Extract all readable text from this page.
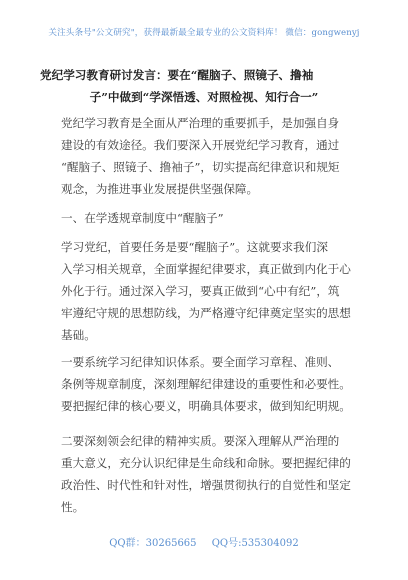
关注头条号"公文研究"，获得最新最全最专业的公文资料库！ 微信：gongwenyj
党纪学习教育研讨发言：要在“醒脑子、照镜子、撸袖
子”中做到“学深悟透、对照检视、知行合一”

党纪学习教育是全面从严治理的重要抓手，是加强自身
建设的有效途径。我们要深入开展党纪学习教育，通过
“醒脑子、照镜子、撸袖子”，切实提高纪律意识和规矩
观念，为推进事业发展提供坚强保障。

一、在学透规章制度中“醒脑子”

学习党纪，首要任务是要“醒脑子”。这就要求我们深
入学习相关规章，全面掌握纪律要求，真正做到内化于心
外化于行。通过深入学习，要真正做到“心中有纪”，筑
牢遵纪守规的思想防线，为严格遵守纪律奠定坚实的思想
基础。

一要系统学习纪律知识体系。要全面学习章程、准则、
条例等规章制度，深刻理解纪律建设的重要性和必要性。
要把握纪律的核心要义，明确具体要求，做到知纪明规。

二要深刻领会纪律的精神实质。要深入理解从严治理的
重大意义，充分认识纪律是生命线和命脉。要把握纪律的
政治性、时代性和针对性，增强贯彻执行的自觉性和坚定
性。

QQ群：30265665 QQ号:535304092
